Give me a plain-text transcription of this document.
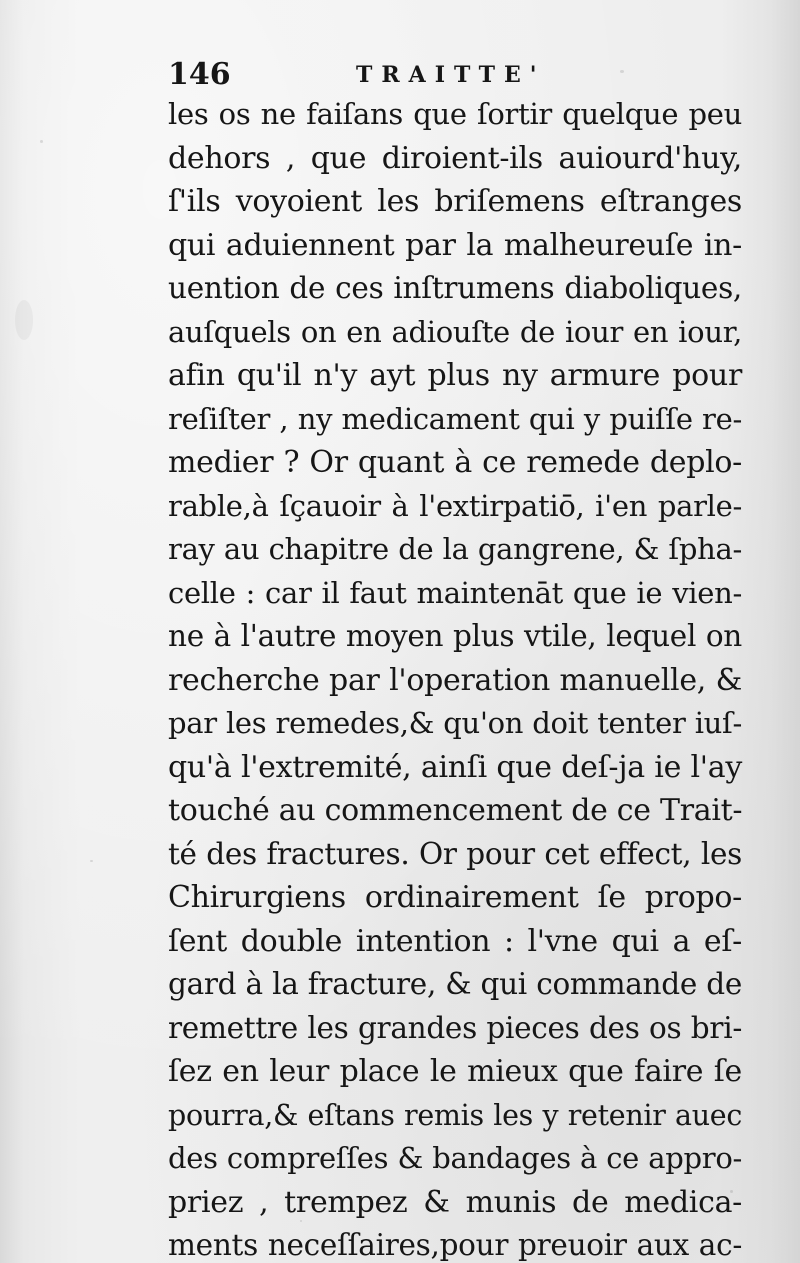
146	TRAITTE'
les os ne faiſans que ſortir quelque peu
dehors , que diroient-ils auiourd'huy,
ſ'ils voyoient les briſemens eſtranges
qui aduiennent par la malheureuſe in-
uention de ces inſtrumens diaboliques,
auſquels on en adiouſte de iour en iour,
afin qu'il n'y ayt plus ny armure pour
reſiſter , ny medicament qui y puiſſe re-
medier ? Or quant à ce remede deplo-
rable,à ſçauoir à l'extirpatiō, i'en parle-
ray au chapitre de la gangrene, & ſpha-
celle : car il faut maintenāt que ie vien-
ne à l'autre moyen plus vtile, lequel on
recherche par l'operation manuelle, &
par les remedes,& qu'on doit tenter iuſ-
qu'à l'extremité, ainſi que deſ-ja ie l'ay
touché au commencement de ce Trait-
té des fractures. Or pour cet effect, les
Chirurgiens ordinairement ſe propo-
ſent double intention : l'vne qui a eſ-
gard à la fracture, & qui commande de
remettre les grandes pieces des os bri-
ſez en leur place le mieux que faire ſe
pourra,& eſtans remis les y retenir auec
des compreſſes & bandages à ce appro-
priez , trempez & munis de medica-
ments neceſſaires,pour preuoir aux ac-
